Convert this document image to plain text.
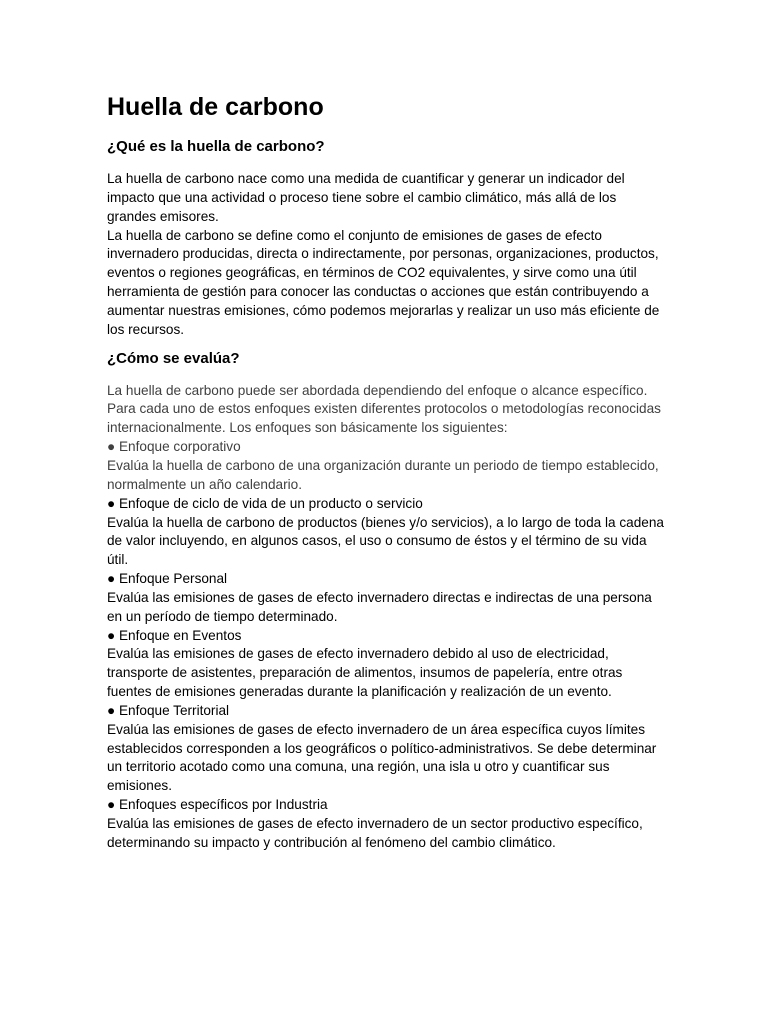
Huella de carbono
¿Qué es la huella de carbono?

La huella de carbono nace como una medida de cuantificar y generar un indicador del impacto que una actividad o proceso tiene sobre el cambio climático, más allá de los grandes emisores.

La huella de carbono se define como el conjunto de emisiones de gases de efecto invernadero producidas, directa o indirectamente, por personas, organizaciones, productos, eventos o regiones geográficas, en términos de CO2 equivalentes, y sirve como una útil herramienta de gestión para conocer las conductas o acciones que están contribuyendo a aumentar nuestras emisiones, cómo podemos mejorarlas y realizar un uso más eficiente de los recursos.

¿Cómo se evalúa?

La huella de carbono puede ser abordada dependiendo del enfoque o alcance específico. Para cada uno de estos enfoques existen diferentes protocolos o metodologías reconocidas internacionalmente. Los enfoques son básicamente los siguientes:

● Enfoque corporativo

Evalúa la huella de carbono de una organización durante un periodo de tiempo establecido, normalmente un año calendario.

● Enfoque de ciclo de vida de un producto o servicio

Evalúa la huella de carbono de productos (bienes y/o servicios), a lo largo de toda la cadena de valor incluyendo, en algunos casos, el uso o consumo de éstos y el término de su vida útil.

● Enfoque Personal

Evalúa las emisiones de gases de efecto invernadero directas e indirectas de una persona en un período de tiempo determinado.

● Enfoque en Eventos

Evalúa las emisiones de gases de efecto invernadero debido al uso de electricidad, transporte de asistentes, preparación de alimentos, insumos de papelería, entre otras fuentes de emisiones generadas durante la planificación y realización de un evento.

● Enfoque Territorial

Evalúa las emisiones de gases de efecto invernadero de un área específica cuyos límites establecidos corresponden a los geográficos o político-administrativos. Se debe determinar un territorio acotado como una comuna, una región, una isla u otro y cuantificar sus emisiones.

● Enfoques específicos por Industria

Evalúa las emisiones de gases de efecto invernadero de un sector productivo específico, determinando su impacto y contribución al fenómeno del cambio climático.
